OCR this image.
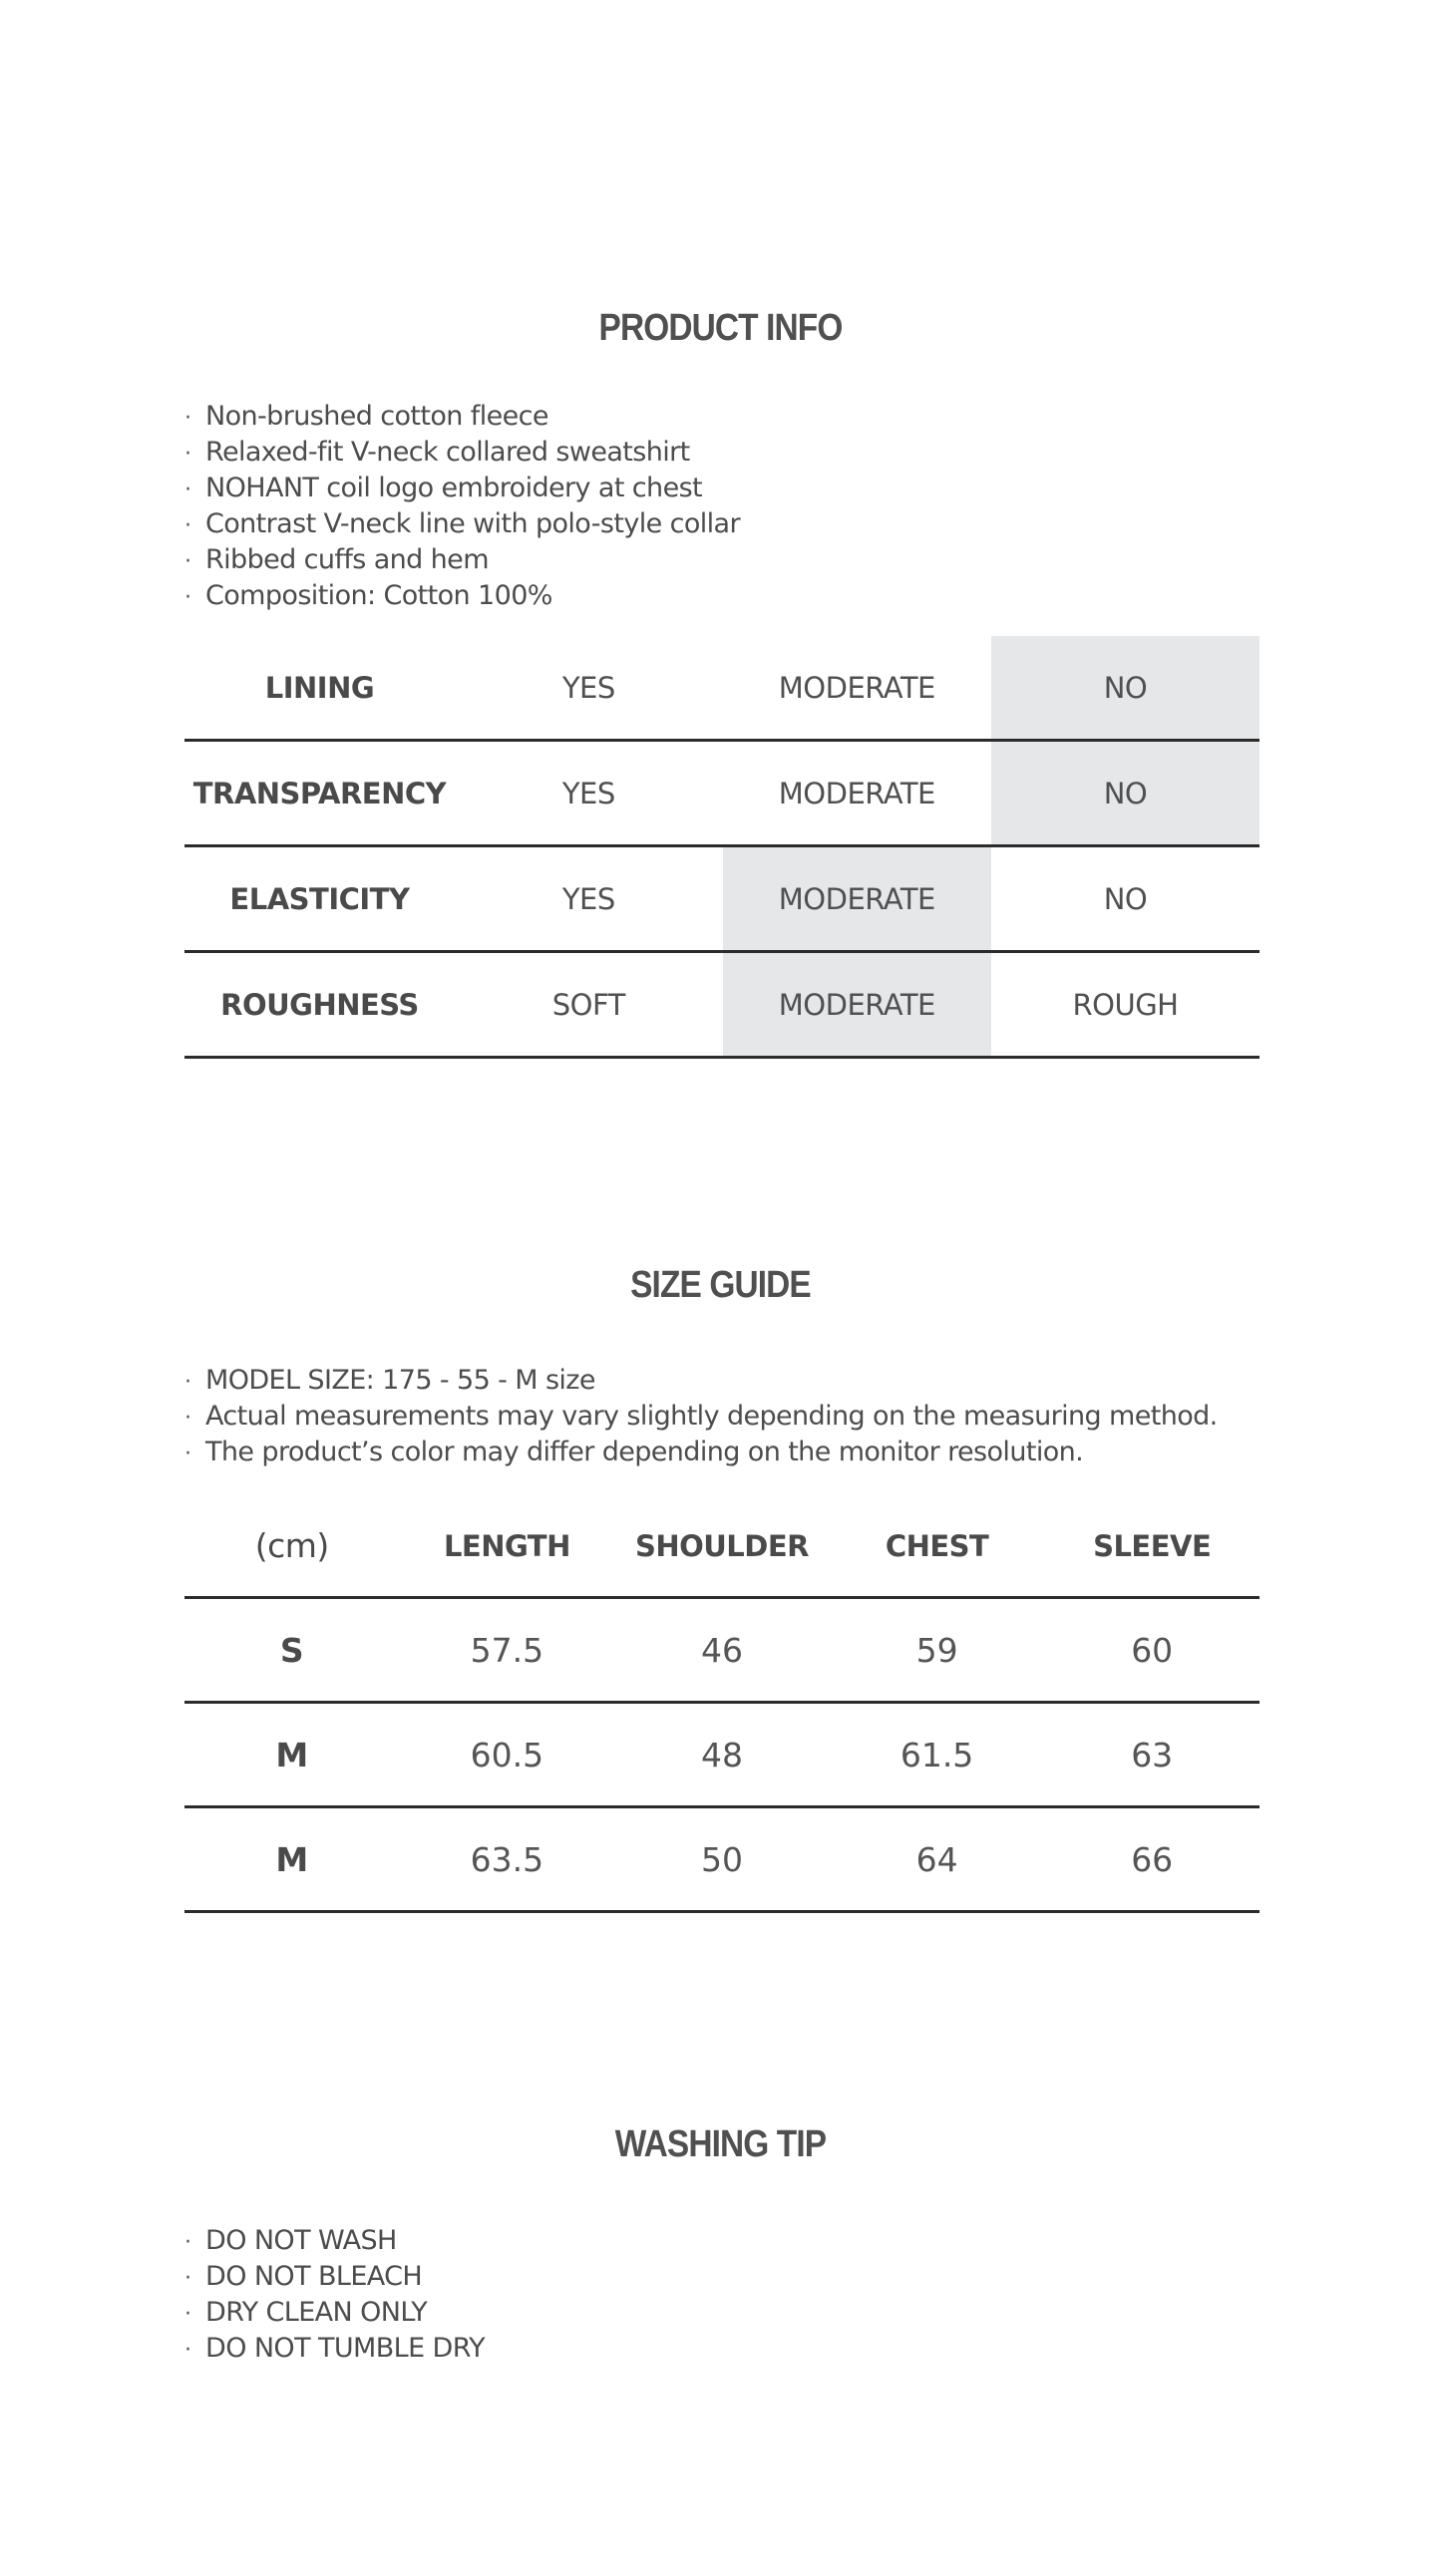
PRODUCT INFO
· Non-brushed cotton fleece
· Relaxed-fit V-neck collared sweatshirt
· NOHANT coil logo embroidery at chest
· Contrast V-neck line with polo-style collar
· Ribbed cuffs and hem
· Composition: Cotton 100%
LINING	YES	MODERATE	NO
TRANSPARENCY	YES	MODERATE	NO
ELASTICITY	YES	MODERATE	NO
ROUGHNESS	SOFT	MODERATE	ROUGH
SIZE GUIDE
· MODEL SIZE: 175 - 55 - M size
· Actual measurements may vary slightly depending on the measuring method.
· The product’s color may differ depending on the monitor resolution.
(cm)	LENGTH	SHOULDER	CHEST	SLEEVE
S	57.5	46	59	60
M	60.5	48	61.5	63
M	63.5	50	64	66
WASHING TIP
· DO NOT WASH
· DO NOT BLEACH
· DRY CLEAN ONLY
· DO NOT TUMBLE DRY
